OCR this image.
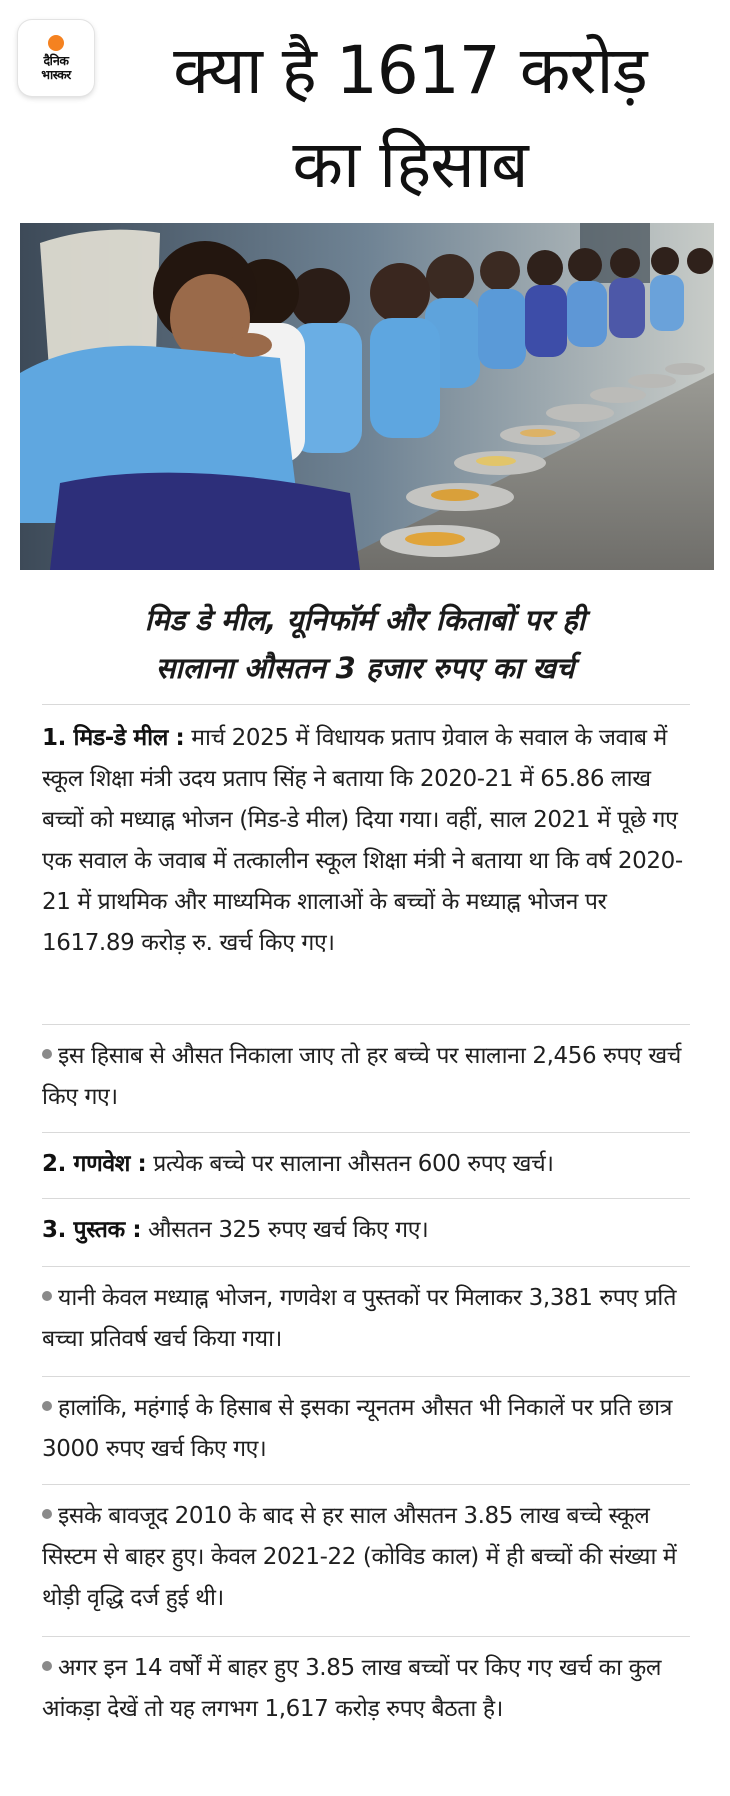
दैनिक
भास्कर	क्या है 1617 करोड़
का हिसाब
मिड डे मील, यूनिफॉर्म और किताबों पर ही
सालाना औसतन 3 हजार रुपए का खर्च
1. मिड-डे मील : मार्च 2025 में विधायक प्रताप ग्रेवाल के सवाल के जवाब में स्कूल शिक्षा मंत्री उदय प्रताप सिंह ने बताया कि 2020-21 में 65.86 लाख बच्चों को मध्याह्न भोजन (मिड-डे मील) दिया गया। वहीं, साल 2021 में पूछे गए एक सवाल के जवाब में तत्कालीन स्कूल शिक्षा मंत्री ने बताया था कि वर्ष 2020-21 में प्राथमिक और माध्यमिक शालाओं के बच्चों के मध्याह्न भोजन पर 1617.89 करोड़ रु. खर्च किए गए।
इस हिसाब से औसत निकाला जाए तो हर बच्चे पर सालाना 2,456 रुपए खर्च किए गए।
2. गणवेश : प्रत्येक बच्चे पर सालाना औसतन 600 रुपए खर्च।
3. पुस्तक : औसतन 325 रुपए खर्च किए गए।
यानी केवल मध्याह्न भोजन, गणवेश व पुस्तकों पर मिलाकर 3,381 रुपए प्रति बच्चा प्रतिवर्ष खर्च किया गया।
हालांकि, महंगाई के हिसाब से इसका न्यूनतम औसत भी निकालें पर प्रति छात्र 3000 रुपए खर्च किए गए।
इसके बावजूद 2010 के बाद से हर साल औसतन 3.85 लाख बच्चे स्कूल सिस्टम से बाहर हुए। केवल 2021-22 (कोविड काल) में ही बच्चों की संख्या में थोड़ी वृद्धि दर्ज हुई थी।
अगर इन 14 वर्षों में बाहर हुए 3.85 लाख बच्चों पर किए गए खर्च का कुल आंकड़ा देखें तो यह लगभग 1,617 करोड़ रुपए बैठता है।
